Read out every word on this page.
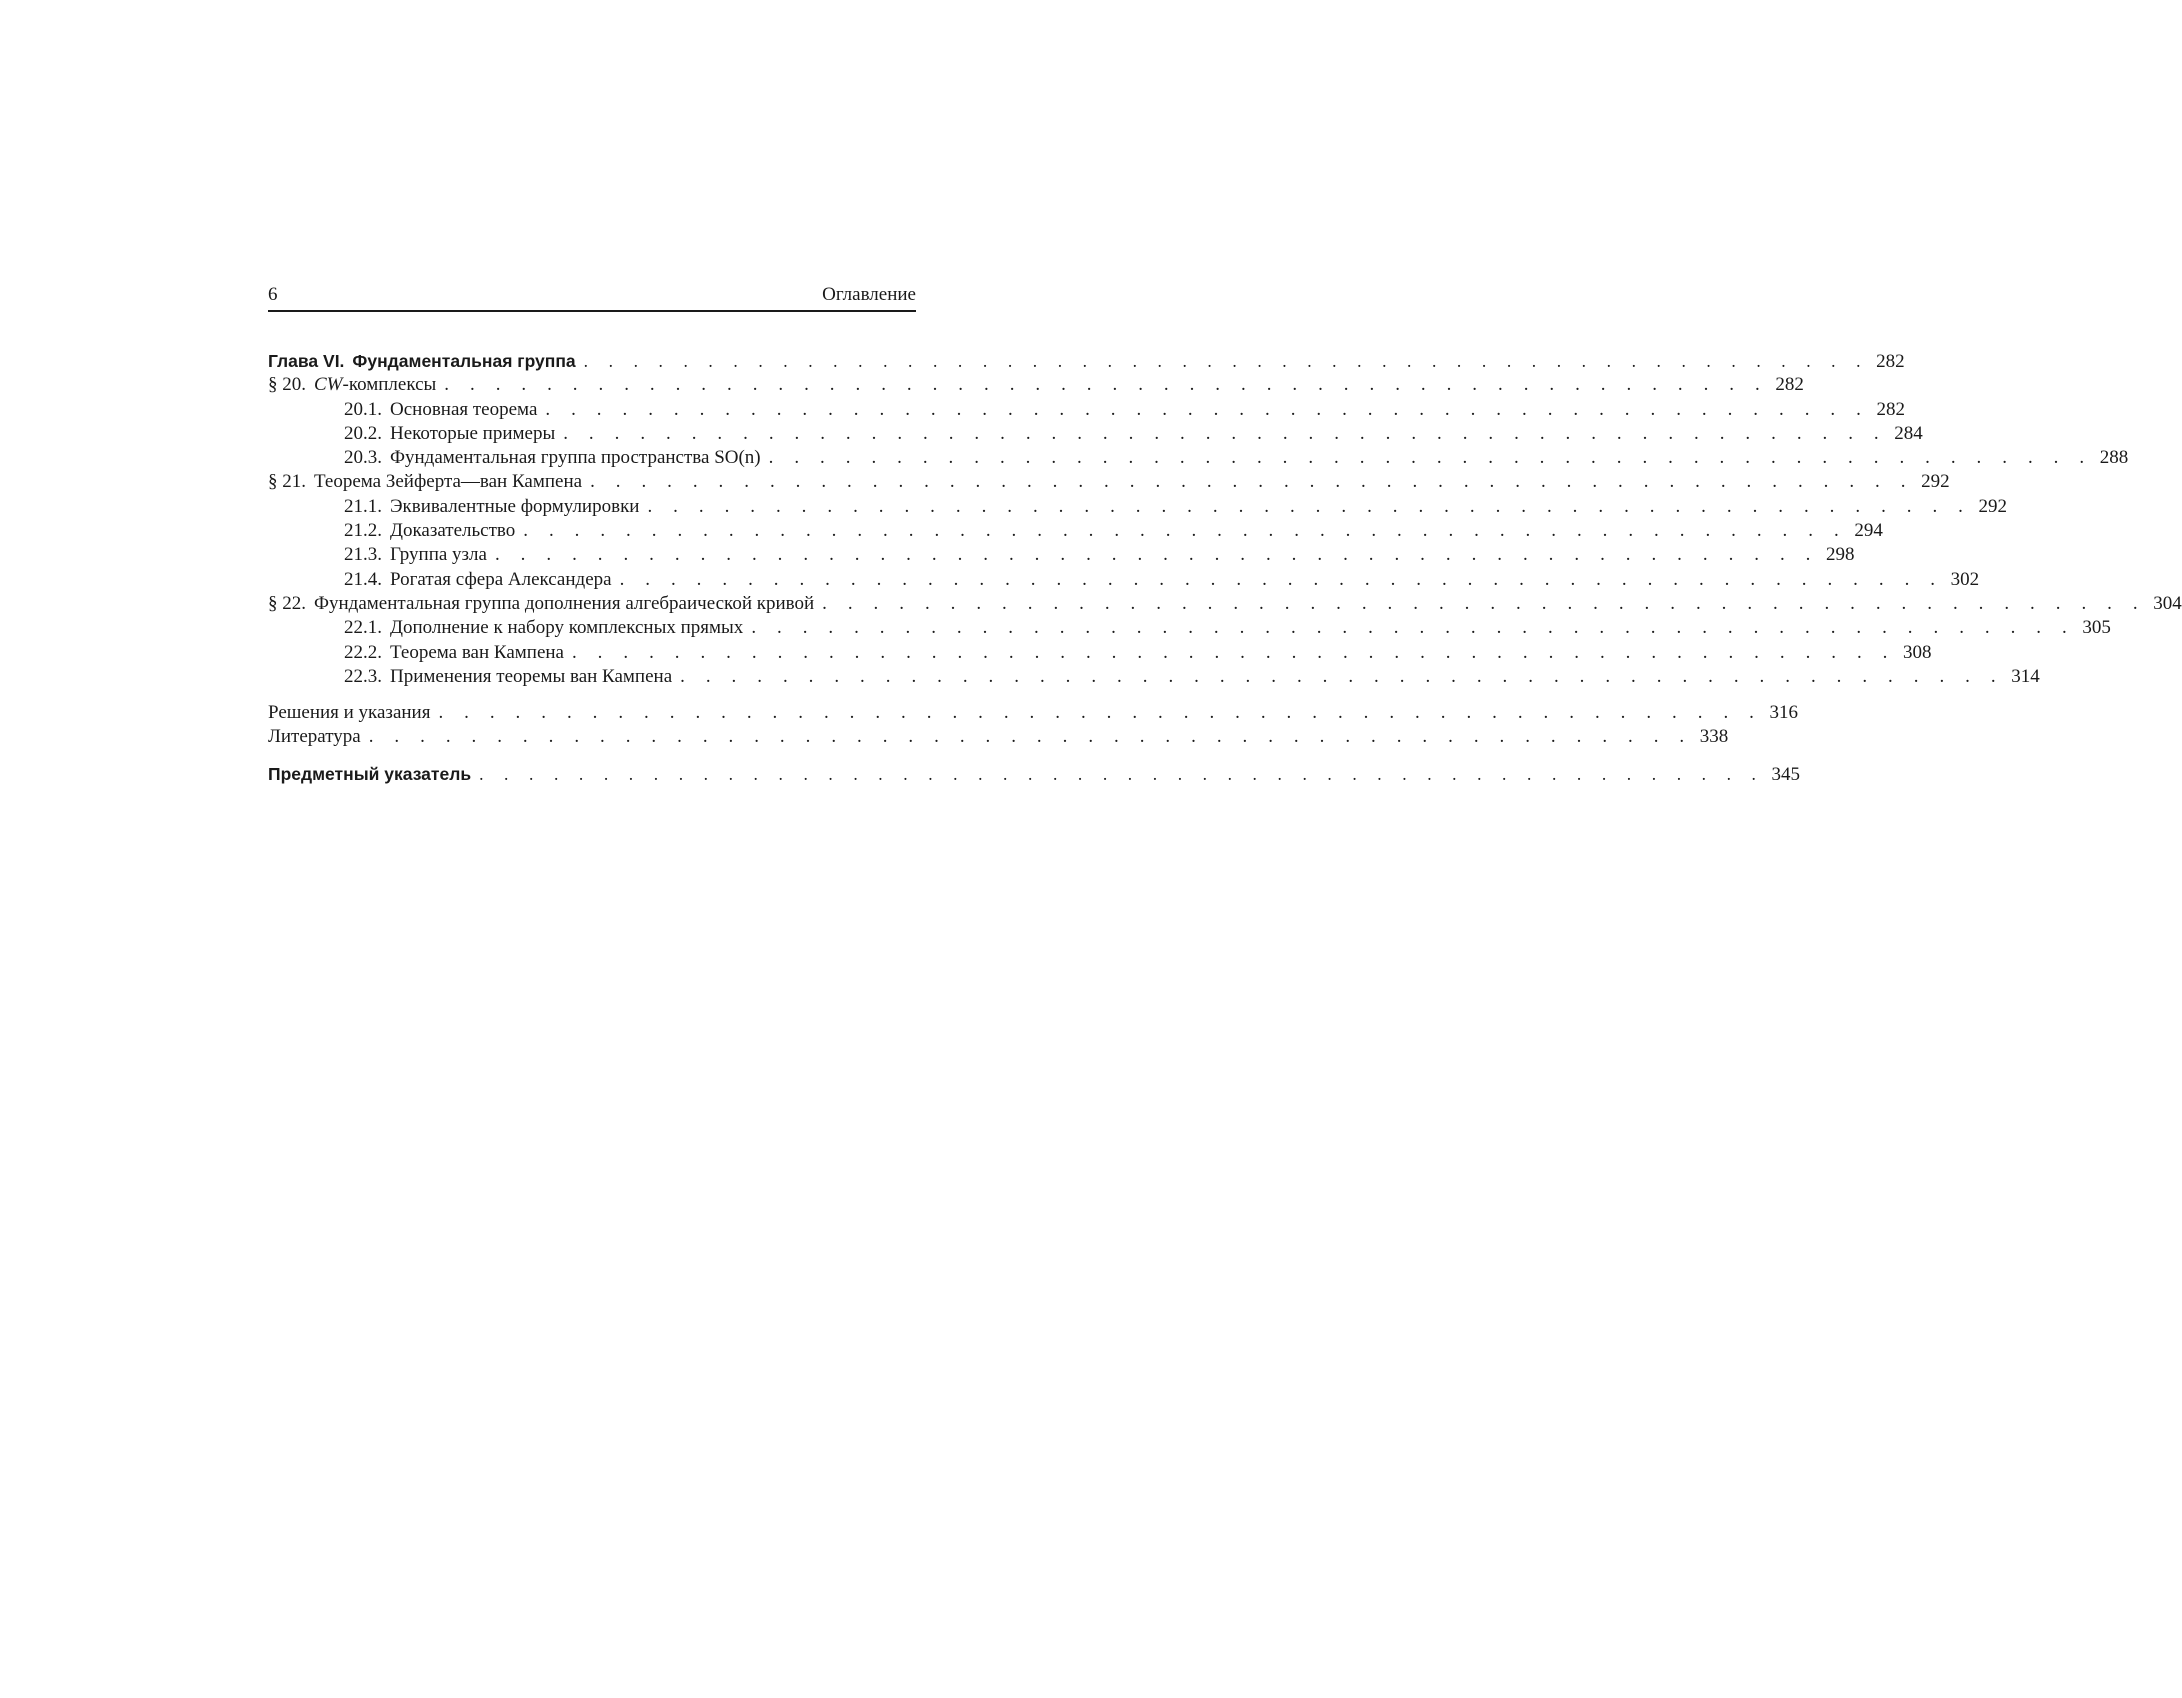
6	Оглавление
Глава VI. Фундаментальная группа . . . . . . . . . . . . . . . . . . . . . . . . . . . . . . . . . . . . . . . . . . . . . . . . . . . . 282
§ 20. CW-комплексы . . . . . . . . . . . . . . . . . . . . . . . . . . . . . . . . . . . . . . . . . . . . . . . . . . . . 282
20.1. Основная теорема . . . . . . . . . . . . . . . . . . . . . . . . . . . . . . . . . . . . . . . . . . . . . . . . . . . . 282
20.2. Некоторые примеры . . . . . . . . . . . . . . . . . . . . . . . . . . . . . . . . . . . . . . . . . . . . . . . . . . . . 284
20.3. Фундаментальная группа пространства SO(n) . . . . . . . . . . . . . . . . . . . . . . . . . . . . . . . . . . . . . . . . . . . . . . . . . . . . 288
§ 21. Теорема Зейферта—ван Кампена . . . . . . . . . . . . . . . . . . . . . . . . . . . . . . . . . . . . . . . . . . . . . . . . . . . . 292
21.1. Эквивалентные формулировки . . . . . . . . . . . . . . . . . . . . . . . . . . . . . . . . . . . . . . . . . . . . . . . . . . . . 292
21.2. Доказательство . . . . . . . . . . . . . . . . . . . . . . . . . . . . . . . . . . . . . . . . . . . . . . . . . . . . 294
21.3. Группа узла . . . . . . . . . . . . . . . . . . . . . . . . . . . . . . . . . . . . . . . . . . . . . . . . . . . . 298
21.4. Рогатая сфера Александера . . . . . . . . . . . . . . . . . . . . . . . . . . . . . . . . . . . . . . . . . . . . . . . . . . . . 302
§ 22. Фундаментальная группа дополнения алгебраической кривой . . . . . . . . . . . . . . . . . . . . . . . . . . . . . . . . . . . . . . . . . . . . . . . . . . . . 304
22.1. Дополнение к набору комплексных прямых . . . . . . . . . . . . . . . . . . . . . . . . . . . . . . . . . . . . . . . . . . . . . . . . . . . . 305
22.2. Теорема ван Кампена . . . . . . . . . . . . . . . . . . . . . . . . . . . . . . . . . . . . . . . . . . . . . . . . . . . . 308
22.3. Применения теоремы ван Кампена . . . . . . . . . . . . . . . . . . . . . . . . . . . . . . . . . . . . . . . . . . . . . . . . . . . . 314
Решения и указания . . . . . . . . . . . . . . . . . . . . . . . . . . . . . . . . . . . . . . . . . . . . . . . . . . . . 316
Литература . . . . . . . . . . . . . . . . . . . . . . . . . . . . . . . . . . . . . . . . . . . . . . . . . . . . 338
Предметный указатель . . . . . . . . . . . . . . . . . . . . . . . . . . . . . . . . . . . . . . . . . . . . . . . . . . . . 345
